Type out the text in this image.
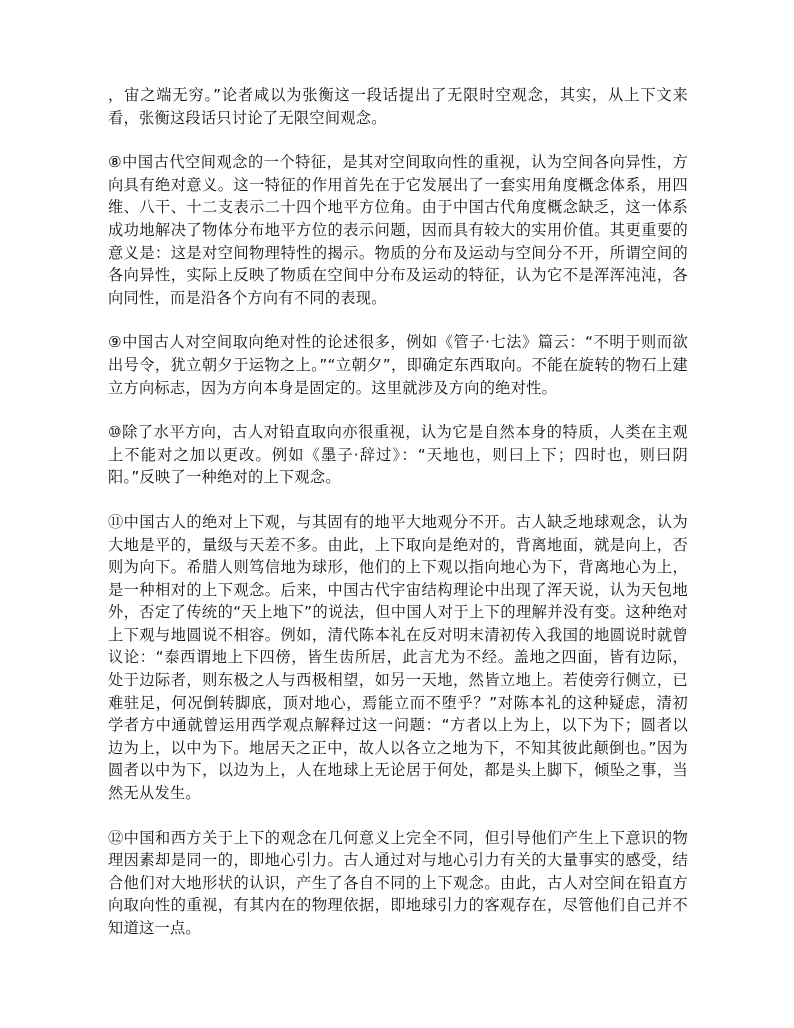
，宙之端无穷。”论者咸以为张衡这一段话提出了无限时空观念，其实，从上下文来看，张衡这段话只讨论了无限空间观念。

⑧中国古代空间观念的一个特征，是其对空间取向性的重视，认为空间各向异性，方向具有绝对意义。这一特征的作用首先在于它发展出了一套实用角度概念体系，用四维、八干、十二支表示二十四个地平方位角。由于中国古代角度概念缺乏，这一体系成功地解决了物体分布地平方位的表示问题，因而具有较大的实用价值。其更重要的意义是：这是对空间物理特性的揭示。物质的分布及运动与空间分不开，所谓空间的各向异性，实际上反映了物质在空间中分布及运动的特征，认为它不是浑浑沌沌，各向同性，而是沿各个方向有不同的表现。

⑨中国古人对空间取向绝对性的论述很多，例如《管子·七法》篇云：“不明于则而欲出号令，犹立朝夕于运物之上。”“立朝夕”，即确定东西取向。不能在旋转的物石上建立方向标志，因为方向本身是固定的。这里就涉及方向的绝对性。

⑩除了水平方向，古人对铅直取向亦很重视，认为它是自然本身的特质，人类在主观上不能对之加以更改。例如《墨子·辞过》：“天地也，则曰上下；四时也，则曰阴阳。”反映了一种绝对的上下观念。

⑪中国古人的绝对上下观，与其固有的地平大地观分不开。古人缺乏地球观念，认为大地是平的，量级与天差不多。由此，上下取向是绝对的，背离地面，就是向上，否则为向下。希腊人则笃信地为球形，他们的上下观以指向地心为下，背离地心为上，是一种相对的上下观念。后来，中国古代宇宙结构理论中出现了浑天说，认为天包地外，否定了传统的“天上地下”的说法，但中国人对于上下的理解并没有变。这种绝对上下观与地圆说不相容。例如，清代陈本礼在反对明末清初传入我国的地圆说时就曾议论：“泰西谓地上下四傍，皆生齿所居，此言尤为不经。盖地之四面，皆有边际，处于边际者，则东极之人与西极相望，如另一天地，然皆立地上。若使旁行侧立，已难驻足，何况倒转脚底，顶对地心，焉能立而不堕乎？”对陈本礼的这种疑虑，清初学者方中通就曾运用西学观点解释过这一问题：“方者以上为上，以下为下；圆者以边为上，以中为下。地居天之正中，故人以各立之地为下，不知其彼此颠倒也。”因为圆者以中为下，以边为上，人在地球上无论居于何处，都是头上脚下，倾坠之事，当然无从发生。

⑫中国和西方关于上下的观念在几何意义上完全不同，但引导他们产生上下意识的物理因素却是同一的，即地心引力。古人通过对与地心引力有关的大量事实的感受，结合他们对大地形状的认识，产生了各自不同的上下观念。由此，古人对空间在铅直方向取向性的重视，有其内在的物理依据，即地球引力的客观存在，尽管他们自己并不知道这一点。
